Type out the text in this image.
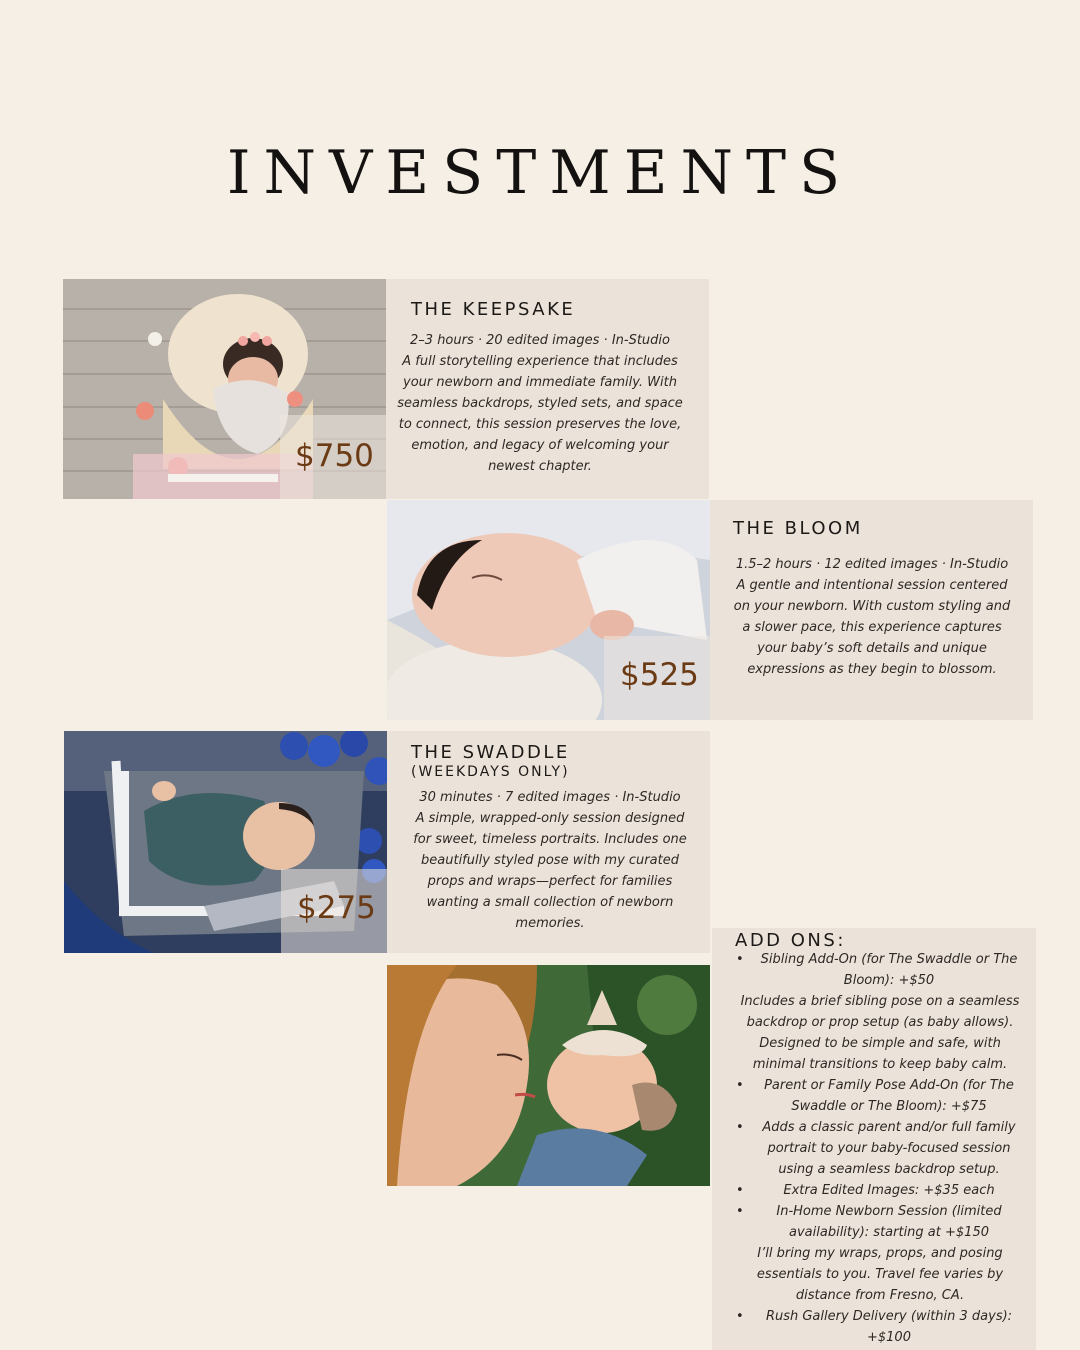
INVESTMENTS
$750
THE KEEPSAKE

2–3 hours · 20 edited images · In-Studio

A full storytelling experience that includes

your newborn and immediate family. With

seamless backdrops, styled sets, and space

to connect, this session preserves the love,

emotion, and legacy of welcoming your

newest chapter.

$525
THE BLOOM

1.5–2 hours · 12 edited images · In-Studio

A gentle and intentional session centered

on your newborn. With custom styling and

a slower pace, this experience captures

your baby’s soft details and unique

expressions as they begin to blossom.

$275
THE SWADDLE
(WEEKDAYS ONLY)

30 minutes · 7 edited images · In-Studio

A simple, wrapped-only session designed

for sweet, timeless portraits. Includes one

beautifully styled pose with my curated

props and wraps—perfect for families

wanting a small collection of newborn

memories.

ADD ONS:
• Sibling Add-On (for The Swaddle or The Bloom): +$50
Includes a brief sibling pose on a seamless backdrop or prop setup (as baby allows). Designed to be simple and safe, with minimal transitions to keep baby calm.
• Parent or Family Pose Add-On (for The Swaddle or The Bloom): +$75
• Adds a classic parent and/or full family portrait to your baby-focused session using a seamless backdrop setup.
•	Extra Edited Images: +$35 each
•	In-Home Newborn Session (limited availability): starting at +$150
I’ll bring my wraps, props, and posing essentials to you. Travel fee varies by distance from Fresno, CA.
• Rush Gallery Delivery (within 3 days): +$100
